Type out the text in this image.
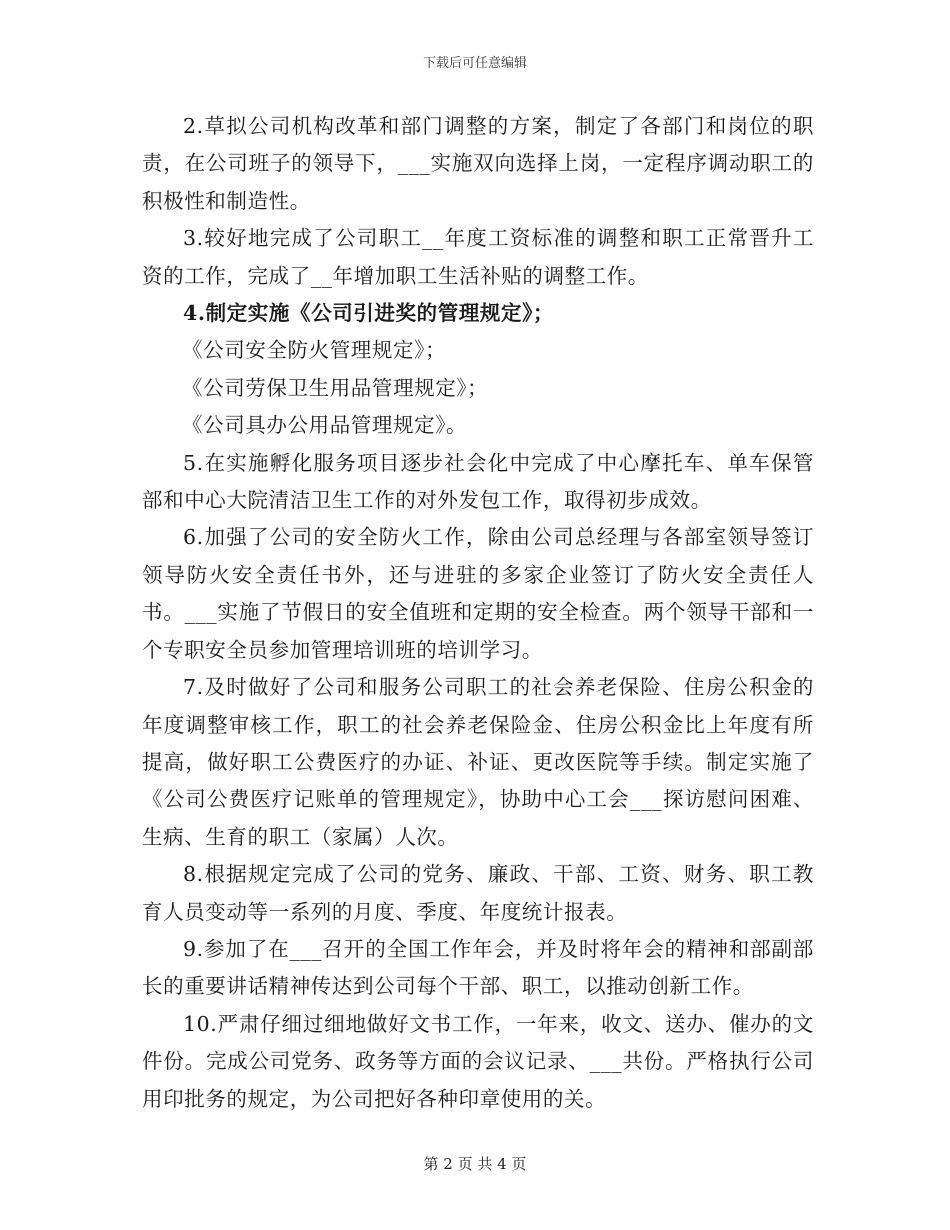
下载后可任意编辑

2.草拟公司机构改革和部门调整的方案，制定了各部门和岗位的职责，在公司班子的领导下，___实施双向选择上岗，一定程序调动职工的积极性和制造性。

3.较好地完成了公司职工__年度工资标准的调整和职工正常晋升工资的工作，完成了__年增加职工生活补贴的调整工作。

4.制定实施《公司引进奖的管理规定》；

《公司安全防火管理规定》；

《公司劳保卫生用品管理规定》；

《公司具办公用品管理规定》。

5.在实施孵化服务项目逐步社会化中完成了中心摩托车、单车保管部和中心大院清洁卫生工作的对外发包工作，取得初步成效。

6.加强了公司的安全防火工作，除由公司总经理与各部室领导签订领导防火安全责任书外，还与进驻的多家企业签订了防火安全责任人书。___实施了节假日的安全值班和定期的安全检查。两个领导干部和一个专职安全员参加管理培训班的培训学习。

7.及时做好了公司和服务公司职工的社会养老保险、住房公积金的年度调整审核工作，职工的社会养老保险金、住房公积金比上年度有所提高，做好职工公费医疗的办证、补证、更改医院等手续。制定实施了《公司公费医疗记账单的管理规定》，协助中心工会___探访慰问困难、生病、生育的职工（家属）人次。

8.根据规定完成了公司的党务、廉政、干部、工资、财务、职工教育人员变动等一系列的月度、季度、年度统计报表。

9.参加了在___召开的全国工作年会，并及时将年会的精神和部副部长的重要讲话精神传达到公司每个干部、职工，以推动创新工作。

10.严肃仔细过细地做好文书工作，一年来，收文、送办、催办的文件份。完成公司党务、政务等方面的会议记录、___共份。严格执行公司用印批务的规定，为公司把好各种印章使用的关。

第 2 页 共 4 页
